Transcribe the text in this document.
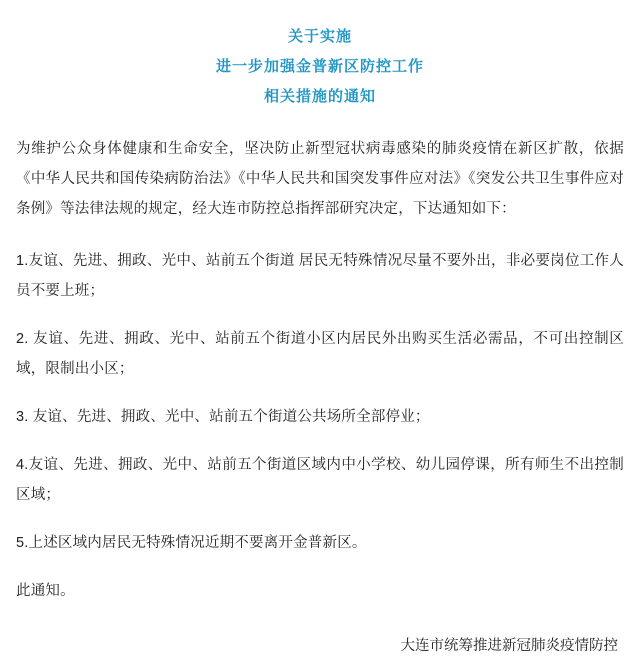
关于实施
进一步加强金普新区防控工作
相关措施的通知

为维护公众身体健康和生命安全，坚决防止新型冠状病毒感染的肺炎疫情在新区扩散，依据《中华人民共和国传染病防治法》《中华人民共和国突发事件应对法》《突发公共卫生事件应对条例》等法律法规的规定，经大连市防控总指挥部研究决定，下达通知如下：

1.友谊、先进、拥政、光中、站前五个街道 居民无特殊情况尽量不要外出，非必要岗位工作人员不要上班；

2. 友谊、先进、拥政、光中、站前五个街道小区内居民外出购买生活必需品，不可出控制区域，限制出小区；

3. 友谊、先进、拥政、光中、站前五个街道公共场所全部停业；

4.友谊、先进、拥政、光中、站前五个街道区域内中小学校、幼儿园停课，所有师生不出控制区域；

5.上述区域内居民无特殊情况近期不要离开金普新区。

此通知。

大连市统筹推进新冠肺炎疫情防控
